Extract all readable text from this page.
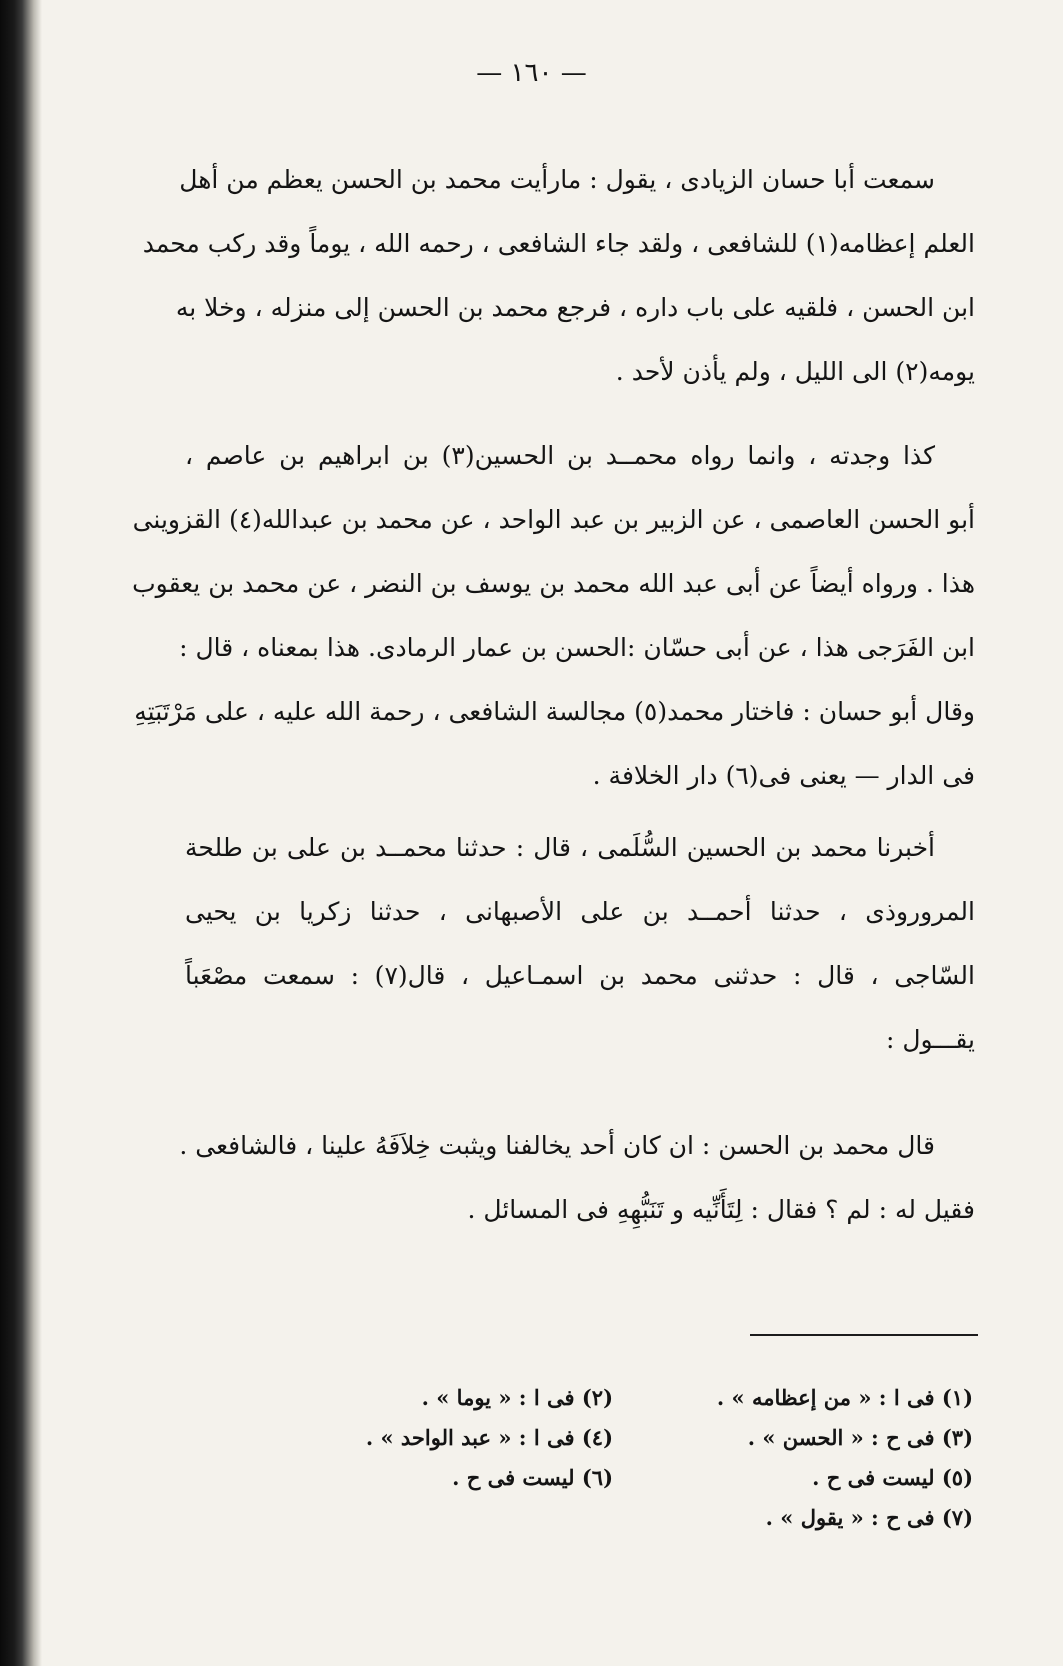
— ١٦٠ —
سمعت أبا حسان الزيادى ، يقول : مارأيت محمد بن الحسن يعظم من أهل
العلم إعظامه(١) للشافعى ، ولقد جاء الشافعى ، رحمه الله ، يوماً وقد ركب محمد
ابن الحسن ، فلقيه على باب داره ، فرجع محمد بن الحسن إلى منزله ، وخلا به
يومه(٢) الى الليل ، ولم يأذن لأحد .
كذا وجدته ، وانما رواه محمــد بن الحسين(٣) بن ابراهيم بن عاصم ،
أبو الحسن العاصمى ، عن الزبير بن عبد الواحد ، عن محمد بن عبدالله(٤) القزوينى
هذا . ورواه أيضاً عن أبى عبد الله محمد بن يوسف بن النضر ، عن محمد بن يعقوب
ابن الفَرَجى هذا ، عن أبى حسّان :الحسن بن عمار الرمادى. هذا بمعناه ، قال :
وقال أبو حسان : فاختار محمد(٥) مجالسة الشافعى ، رحمة الله عليه ، على مَرْتَبَتِهِ
فى الدار — يعنى فى(٦) دار الخلافة .
أخبرنا محمد بن الحسين السُّلَمى ، قال : حدثنا محمــد بن على بن طلحة
المروروذى ، حدثنا أحمــد بن على الأصبهانى ، حدثنا زكريا بن يحيى
السّاجى ، قال : حدثنى محمد بن اسمـاعيل ، قال(٧) : سمعت مصْعَباً
يقـــول :
قال محمد بن الحسن : ان كان أحد يخالفنا ويثبت خِلاَفَهُ علينا ، فالشافعى .
فقيل له : لم ؟ فقال : لِتَأَنِّيه و تَنَبُّهِهِ فى المسائل .
(١) فى ا : « من إعظامه » .
(٣) فى ح : « الحسن » .
(٥) ليست فى ح .
(٧) فى ح : « يقول » .
(٢) فى ا : « يوما » .
(٤) فى ا : « عبد الواحد » .
(٦) ليست فى ح .
